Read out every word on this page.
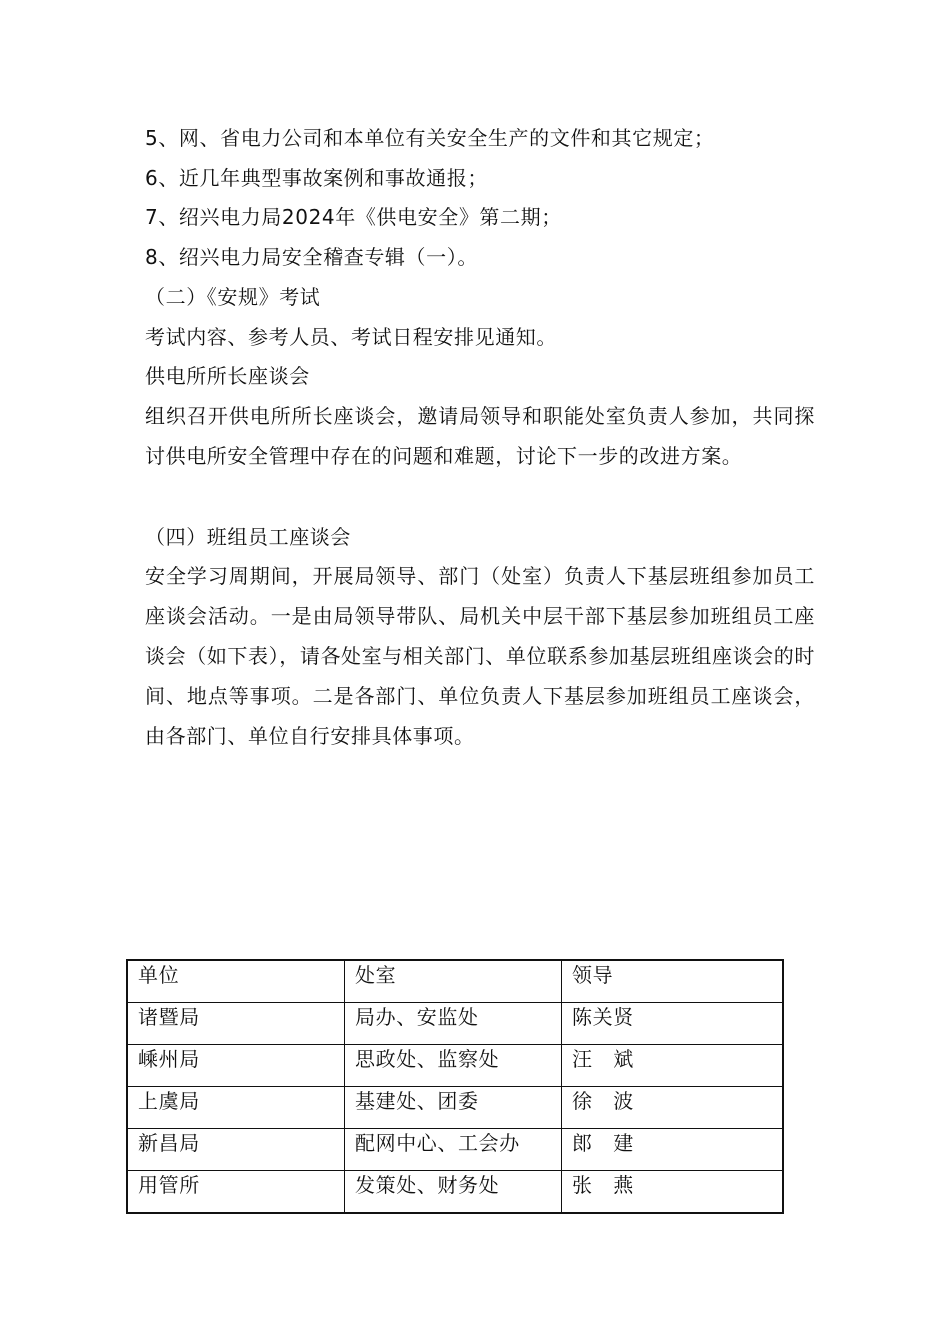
5、网、省电力公司和本单位有关安全生产的文件和其它规定；
6、近几年典型事故案例和事故通报；
7、绍兴电力局2024年《供电安全》第二期；
8、绍兴电力局安全稽查专辑（一）。
（二）《安规》考试
考试内容、参考人员、考试日程安排见通知。
供电所所长座谈会
组织召开供电所所长座谈会，邀请局领导和职能处室负责人参加，共同探讨供电所安全管理中存在的问题和难题，讨论下一步的改进方案。
（四）班组员工座谈会
安全学习周期间，开展局领导、部门（处室）负责人下基层班组参加员工座谈会活动。一是由局领导带队、局机关中层干部下基层参加班组员工座谈会（如下表），请各处室与相关部门、单位联系参加基层班组座谈会的时间、地点等事项。二是各部门、单位负责人下基层参加班组员工座谈会，由各部门、单位自行安排具体事项。
单位	处室	领导
诸暨局	局办、安监处	陈关贤
嵊州局	思政处、监察处	汪　斌
上虞局	基建处、团委	徐　波
新昌局	配网中心、工会办	郎　建
用管所	发策处、财务处	张　燕
